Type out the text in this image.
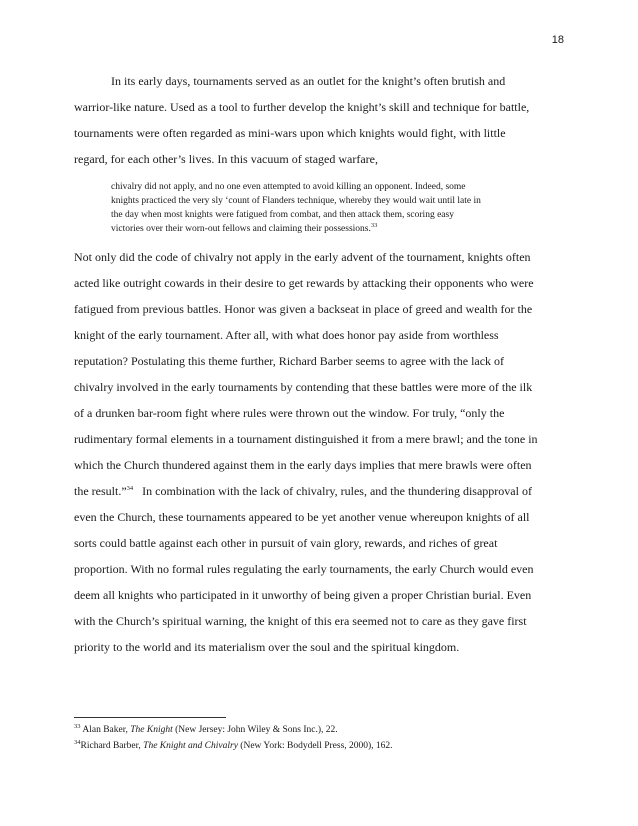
18
In its early days, tournaments served as an outlet for the knight’s often brutish and
warrior-like nature. Used as a tool to further develop the knight’s skill and technique for battle,
tournaments were often regarded as mini-wars upon which knights would fight, with little
regard, for each other’s lives. In this vacuum of staged warfare,
chivalry did not apply, and no one even attempted to avoid killing an opponent. Indeed, some
knights practiced the very sly ‘count of Flanders technique, whereby they would wait until late in
the day when most knights were fatigued from combat, and then attack them, scoring easy
victories over their worn-out fellows and claiming their possessions.$^{33}$
Not only did the code of chivalry not apply in the early advent of the tournament, knights often
acted like outright cowards in their desire to get rewards by attacking their opponents who were
fatigued from previous battles. Honor was given a backseat in place of greed and wealth for the
knight of the early tournament. After all, with what does honor pay aside from worthless
reputation? Postulating this theme further, Richard Barber seems to agree with the lack of
chivalry involved in the early tournaments by contending that these battles were more of the ilk
of a drunken bar-room fight where rules were thrown out the window. For truly, “only the
rudimentary formal elements in a tournament distinguished it from a mere brawl; and the tone in
which the Church thundered against them in the early days implies that mere brawls were often
the result.”$^{34}$   In combination with the lack of chivalry, rules, and the thundering disapproval of
even the Church, these tournaments appeared to be yet another venue whereupon knights of all
sorts could battle against each other in pursuit of vain glory, rewards, and riches of great
proportion. With no formal rules regulating the early tournaments, the early Church would even
deem all knights who participated in it unworthy of being given a proper Christian burial. Even
with the Church’s spiritual warning, the knight of this era seemed not to care as they gave first
priority to the world and its materialism over the soul and the spiritual kingdom.
$^{33}$ Alan Baker, The Knight (New Jersey: John Wiley & Sons Inc.), 22.
$^{34}$Richard Barber, The Knight and Chivalry (New York: Bodydell Press, 2000), 162.
